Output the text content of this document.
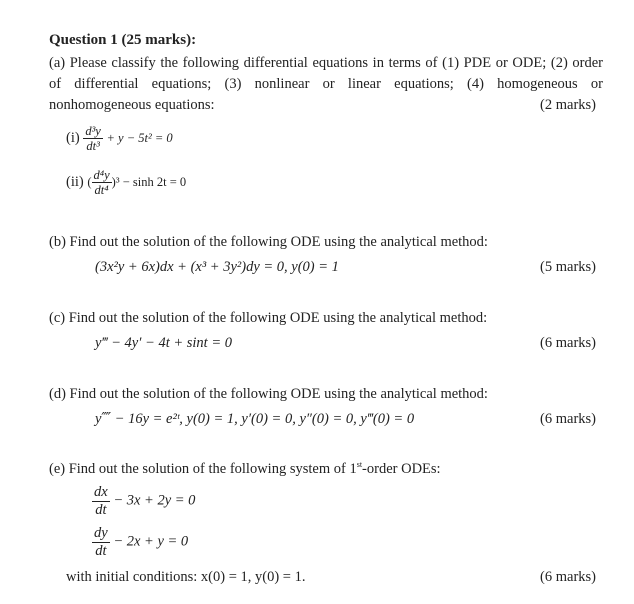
Question 1 (25 marks):
(a) Please classify the following differential equations in terms of (1) PDE or ODE; (2) order
of differential equations; (3) nonlinear or linear equations; (4) homogeneous or
nonhomogeneous equations:	(2 marks)
$(i) \frac{\text{d³y}}{\text{dt³}} + y - 5t^2 = 0$
(ii) ( $\frac{\text{d⁴y}}{\text{dt⁴}} )^3 - \sinh 2t = 0$
(b) Find out the solution of the following ODE using the analytical method:
(3x²y + 6x)dx + (x³ + 3y²)dy = 0, y(0) = 1	(5 marks)
(c) Find out the solution of the following ODE using the analytical method:
y‴ − 4y′ − 4t + sint = 0	(6 marks)
(d) Find out the solution of the following ODE using the analytical method:
y⁗ − 16y = e²ᵗ, y(0) = 1, y′(0) = 0, y″(0) = 0, y‴(0) = 0	(6 marks)
(e) Find out the solution of the following system of 1st-order ODEs:
$\frac{dx}{dt} - 3x + 2y = 0$
$\frac{dy}{dt} - 2x + y = 0$
with initial conditions: x(0) = 1, y(0) = 1.	(6 marks)
